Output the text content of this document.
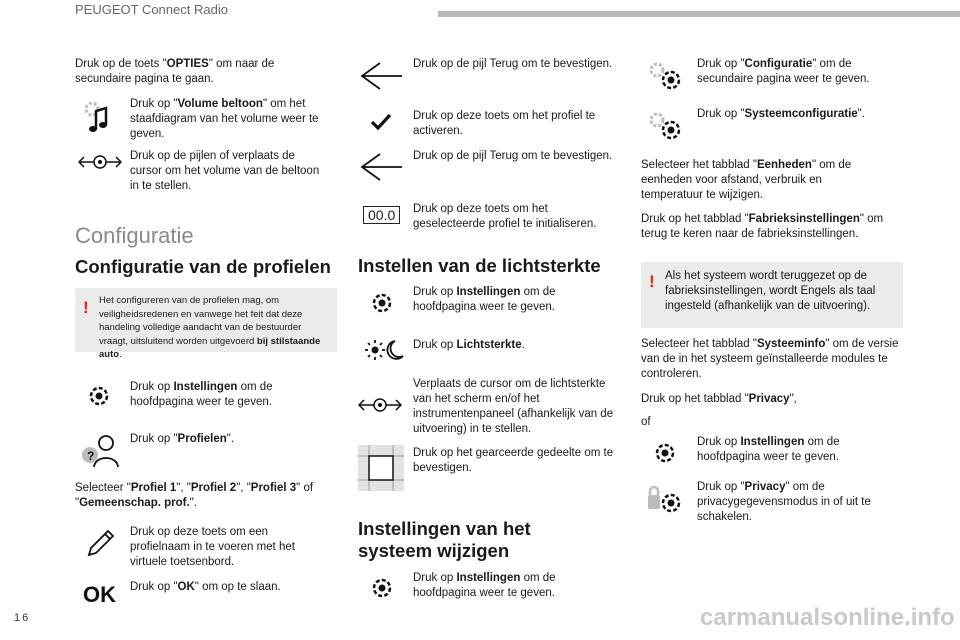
PEUGEOT Connect Radio
Druk op de toets "OPTIES" om naar de secundaire pagina te gaan.
Druk op "Volume beltoon" om het staafdiagram van het volume weer te geven.
Druk op de pijlen of verplaats de cursor om het volume van de beltoon in te stellen.
Configuratie
Configuratie van de profielen
! Het configureren van de profielen mag, om veiligheidsredenen en vanwege het feit dat deze handeling volledige aandacht van de bestuurder vraagt, uitsluitend worden uitgevoerd bij stilstaande auto.
Druk op Instellingen om de hoofdpagina weer te geven.
?
Druk op "Profielen".
Selecteer "Profiel 1", "Profiel 2", "Profiel 3" of "Gemeenschap. prof.".
Druk op deze toets om een profielnaam in te voeren met het virtuele toetsenbord.
OK Druk op "OK" om op te slaan.
Druk op de pijl Terug om te bevestigen.
Druk op deze toets om het profiel te activeren.
Druk op de pijl Terug om te bevestigen.
00.0	Druk op deze toets om het geselecteerde profiel te initialiseren.
Instellen van de lichtsterkte
Druk op Instellingen om de hoofdpagina weer te geven.
Druk op Lichtsterkte.
Verplaats de cursor om de lichtsterkte van het scherm en/of het instrumentenpaneel (afhankelijk van de uitvoering) in te stellen.
Druk op het gearceerde gedeelte om te bevestigen.
Instellingen van het systeem wijzigen
Druk op Instellingen om de hoofdpagina weer te geven.
Druk op "Configuratie" om de secundaire pagina weer te geven.
Druk op "Systeemconfiguratie".
Selecteer het tabblad "Eenheden" om de eenheden voor afstand, verbruik en temperatuur te wijzigen.
Druk op het tabblad "Fabrieksinstellingen" om terug te keren naar de fabrieksinstellingen.
! Als het systeem wordt teruggezet op de fabrieksinstellingen, wordt Engels als taal ingesteld (afhankelijk van de uitvoering).
Selecteer het tabblad "Systeeminfo" om de versie van de in het systeem geïnstalleerde modules te controleren.
Druk op het tabblad "Privacy",
of
Druk op Instellingen om de hoofdpagina weer te geven.
Druk op "Privacy" om de privacygegevensmodus in of uit te schakelen.
16	carmanualsonline.info
